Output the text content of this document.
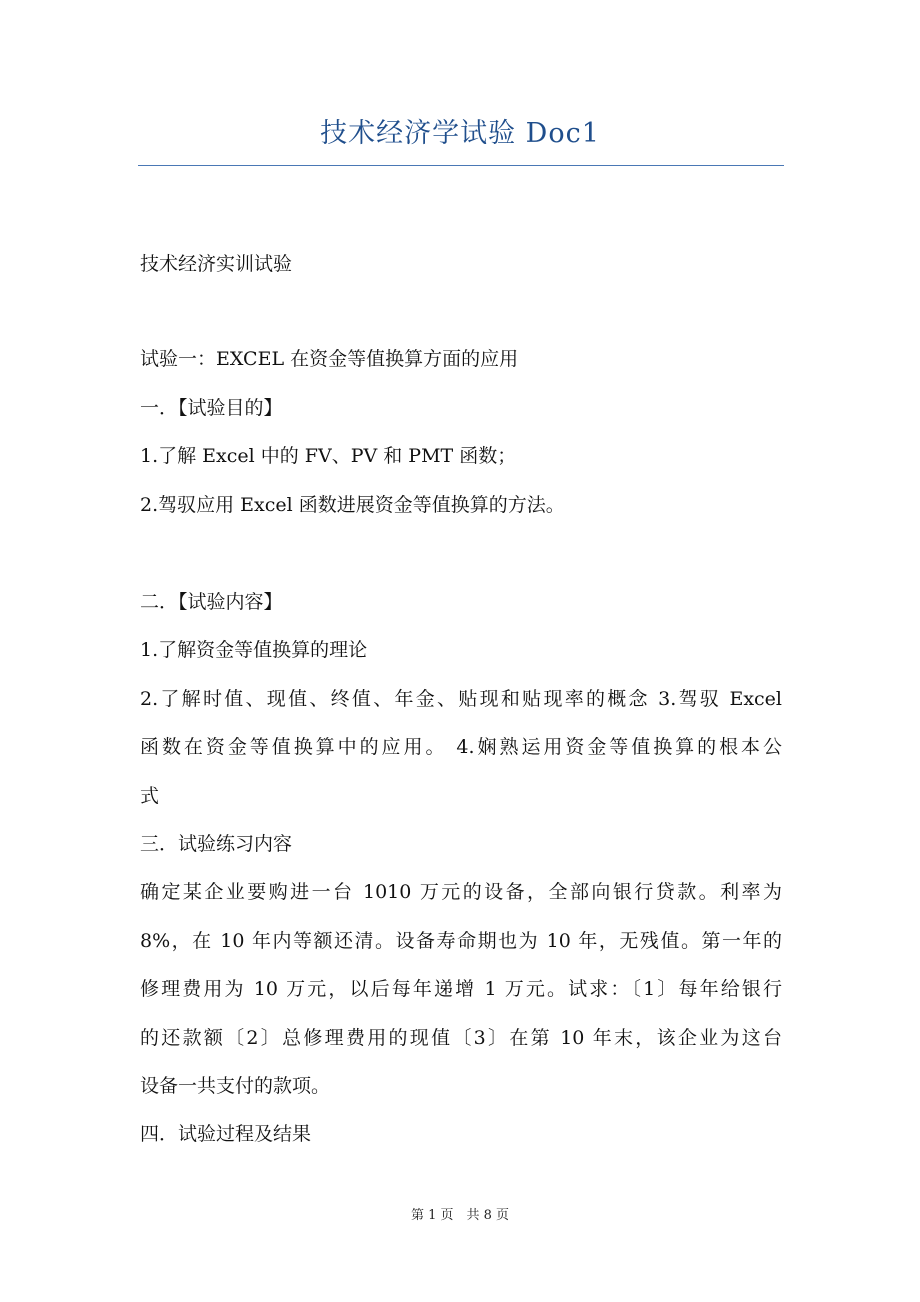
技术经济学试验 Doc1
技术经济实训试验
试验一：EXCEL 在资金等值换算方面的应用
一．【试验目的】
1.了解 Excel 中的 FV、PV 和 PMT 函数；
2.驾驭应用 Excel 函数进展资金等值换算的方法。
二．【试验内容】
1.了解资金等值换算的理论
2.了解时值、现值、终值、年金、贴现和贴现率的概念 3.驾驭 Excel
函数在资金等值换算中的应用。 4.娴熟运用资金等值换算的根本公
式
三．试验练习内容
确定某企业要购进一台 1010 万元的设备，全部向银行贷款。利率为
8%，在 10 年内等额还清。设备寿命期也为 10 年，无残值。第一年的
修理费用为 10 万元，以后每年递增 1 万元。试求：〔1〕每年给银行
的还款额〔2〕总修理费用的现值〔3〕在第 10 年末，该企业为这台
设备一共支付的款项。
四．试验过程及结果
第 1 页　共 8 页
